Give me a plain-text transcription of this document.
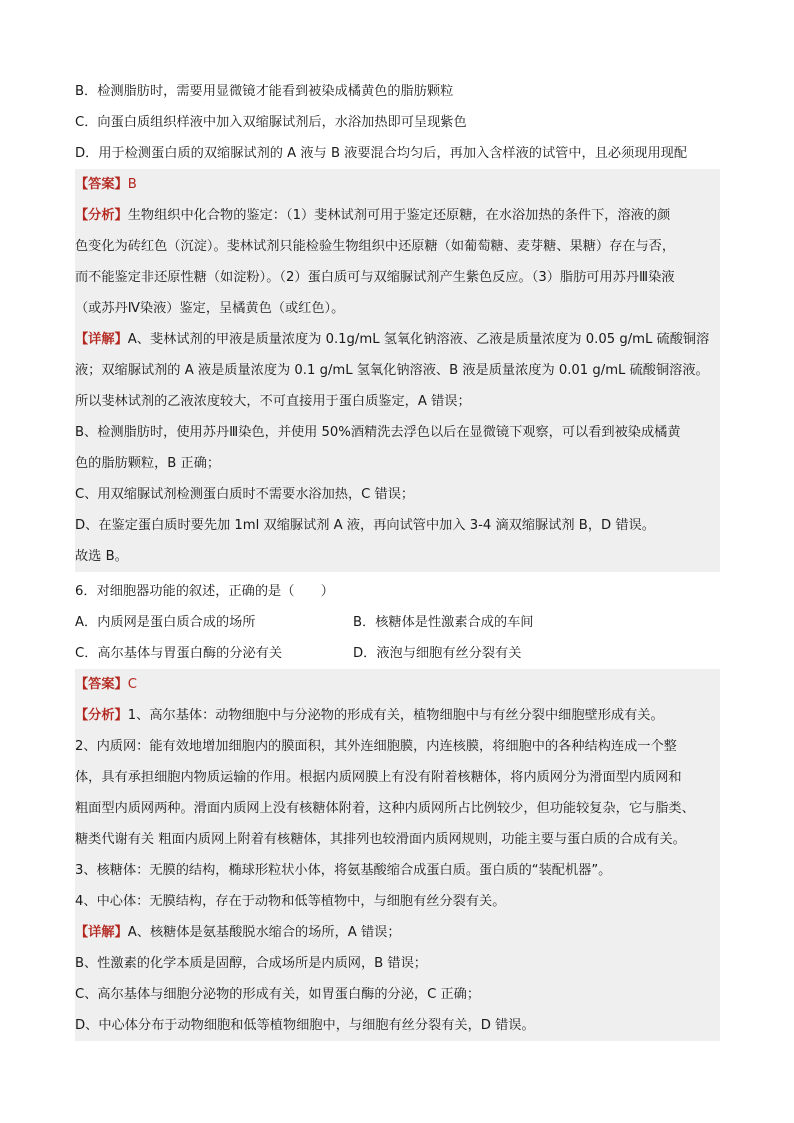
B．检测脂肪时，需要用显微镜才能看到被染成橘黄色的脂肪颗粒
C．向蛋白质组织样液中加入双缩脲试剂后，水浴加热即可呈现紫色
D．用于检测蛋白质的双缩脲试剂的 A 液与 B 液要混合均匀后，再加入含样液的试管中，且必须现用现配
【答案】B
【分析】生物组织中化合物的鉴定：（1）斐林试剂可用于鉴定还原糖，在水浴加热的条件下，溶液的颜
色变化为砖红色（沉淀）。斐林试剂只能检验生物组织中还原糖（如葡萄糖、麦芽糖、果糖）存在与否，
而不能鉴定非还原性糖（如淀粉）。（2）蛋白质可与双缩脲试剂产生紫色反应。（3）脂肪可用苏丹Ⅲ染液
（或苏丹Ⅳ染液）鉴定，呈橘黄色（或红色）。
【详解】A、斐林试剂的甲液是质量浓度为 0.1g/mL 氢氧化钠溶液、乙液是质量浓度为 0.05 g/mL 硫酸铜溶
液；双缩脲试剂的 A 液是质量浓度为 0.1 g/mL 氢氧化钠溶液、B 液是质量浓度为 0.01 g/mL 硫酸铜溶液。
所以斐林试剂的乙液浓度较大，不可直接用于蛋白质鉴定，A 错误；
B、检测脂肪时，使用苏丹Ⅲ染色，并使用 50%酒精洗去浮色以后在显微镜下观察，可以看到被染成橘黄
色的脂肪颗粒，B 正确；
C、用双缩脲试剂检测蛋白质时不需要水浴加热，C 错误；
D、在鉴定蛋白质时要先加 1ml 双缩脲试剂 A 液，再向试管中加入 3-4 滴双缩脲试剂 B，D 错误。
故选 B。
6．对细胞器功能的叙述，正确的是（　　）
A．内质网是蛋白质合成的场所	B．核糖体是性激素合成的车间
C．高尔基体与胃蛋白酶的分泌有关	D．液泡与细胞有丝分裂有关
【答案】C
【分析】1、高尔基体：动物细胞中与分泌物的形成有关，植物细胞中与有丝分裂中细胞壁形成有关。
2、内质网：能有效地增加细胞内的膜面积，其外连细胞膜，内连核膜，将细胞中的各种结构连成一个整
体，具有承担细胞内物质运输的作用。根据内质网膜上有没有附着核糖体，将内质网分为滑面型内质网和
粗面型内质网两种。滑面内质网上没有核糖体附着，这种内质网所占比例较少，但功能较复杂，它与脂类、
糖类代谢有关 粗面内质网上附着有核糖体，其排列也较滑面内质网规则，功能主要与蛋白质的合成有关。
3、核糖体：无膜的结构，椭球形粒状小体，将氨基酸缩合成蛋白质。蛋白质的“装配机器”。
4、中心体：无膜结构，存在于动物和低等植物中，与细胞有丝分裂有关。
【详解】A、核糖体是氨基酸脱水缩合的场所，A 错误；
B、性激素的化学本质是固醇，合成场所是内质网，B 错误；
C、高尔基体与细胞分泌物的形成有关，如胃蛋白酶的分泌，C 正确；
D、中心体分布于动物细胞和低等植物细胞中，与细胞有丝分裂有关，D 错误。
